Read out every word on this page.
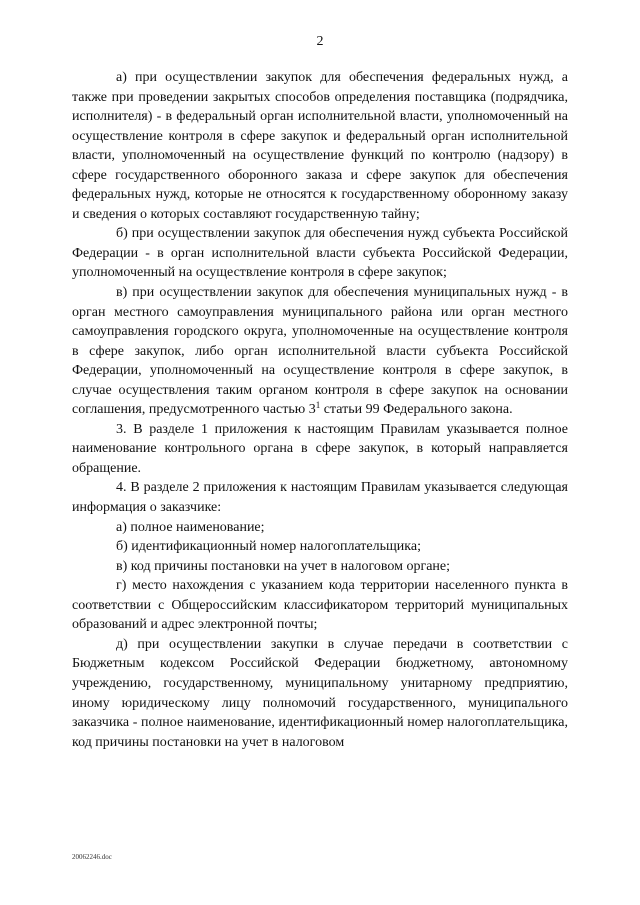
2

а) при осуществлении закупок для обеспечения федеральных нужд, а также при проведении закрытых способов определения поставщика (подрядчика, исполнителя) - в федеральный орган исполнительной власти, уполномоченный на осуществление контроля в сфере закупок и федеральный орган исполнительной власти, уполномоченный на осуществление функций по контролю (надзору) в сфере государственного оборонного заказа и сфере закупок для обеспечения федеральных нужд, которые не относятся к государственному оборонному заказу и сведения о которых составляют государственную тайну;

б) при осуществлении закупок для обеспечения нужд субъекта Российской Федерации - в орган исполнительной власти субъекта Российской Федерации, уполномоченный на осуществление контроля в сфере закупок;

в) при осуществлении закупок для обеспечения муниципальных нужд - в орган местного самоуправления муниципального района или орган местного самоуправления городского округа, уполномоченные на осуществление контроля в сфере закупок, либо орган исполнительной власти субъекта Российской Федерации, уполномоченный на осуществление контроля в сфере закупок, в случае осуществления таким органом контроля в сфере закупок на основании соглашения, предусмотренного частью $3^1$ статьи 99 Федерального закона.

3. В разделе 1 приложения к настоящим Правилам указывается полное наименование контрольного органа в сфере закупок, в который направляется обращение.

4. В разделе 2 приложения к настоящим Правилам указывается следующая информация о заказчике:

а) полное наименование;

б) идентификационный номер налогоплательщика;

в) код причины постановки на учет в налоговом органе;

г) место нахождения с указанием кода территории населенного пункта в соответствии с Общероссийским классификатором территорий муниципальных образований и адрес электронной почты;

д) при осуществлении закупки в случае передачи в соответствии с Бюджетным кодексом Российской Федерации бюджетному, автономному учреждению, государственному, муниципальному унитарному предприятию, иному юридическому лицу полномочий государственного, муниципального заказчика - полное наименование, идентификационный номер налогоплательщика, код причины постановки на учет в налоговом

20062246.doc
